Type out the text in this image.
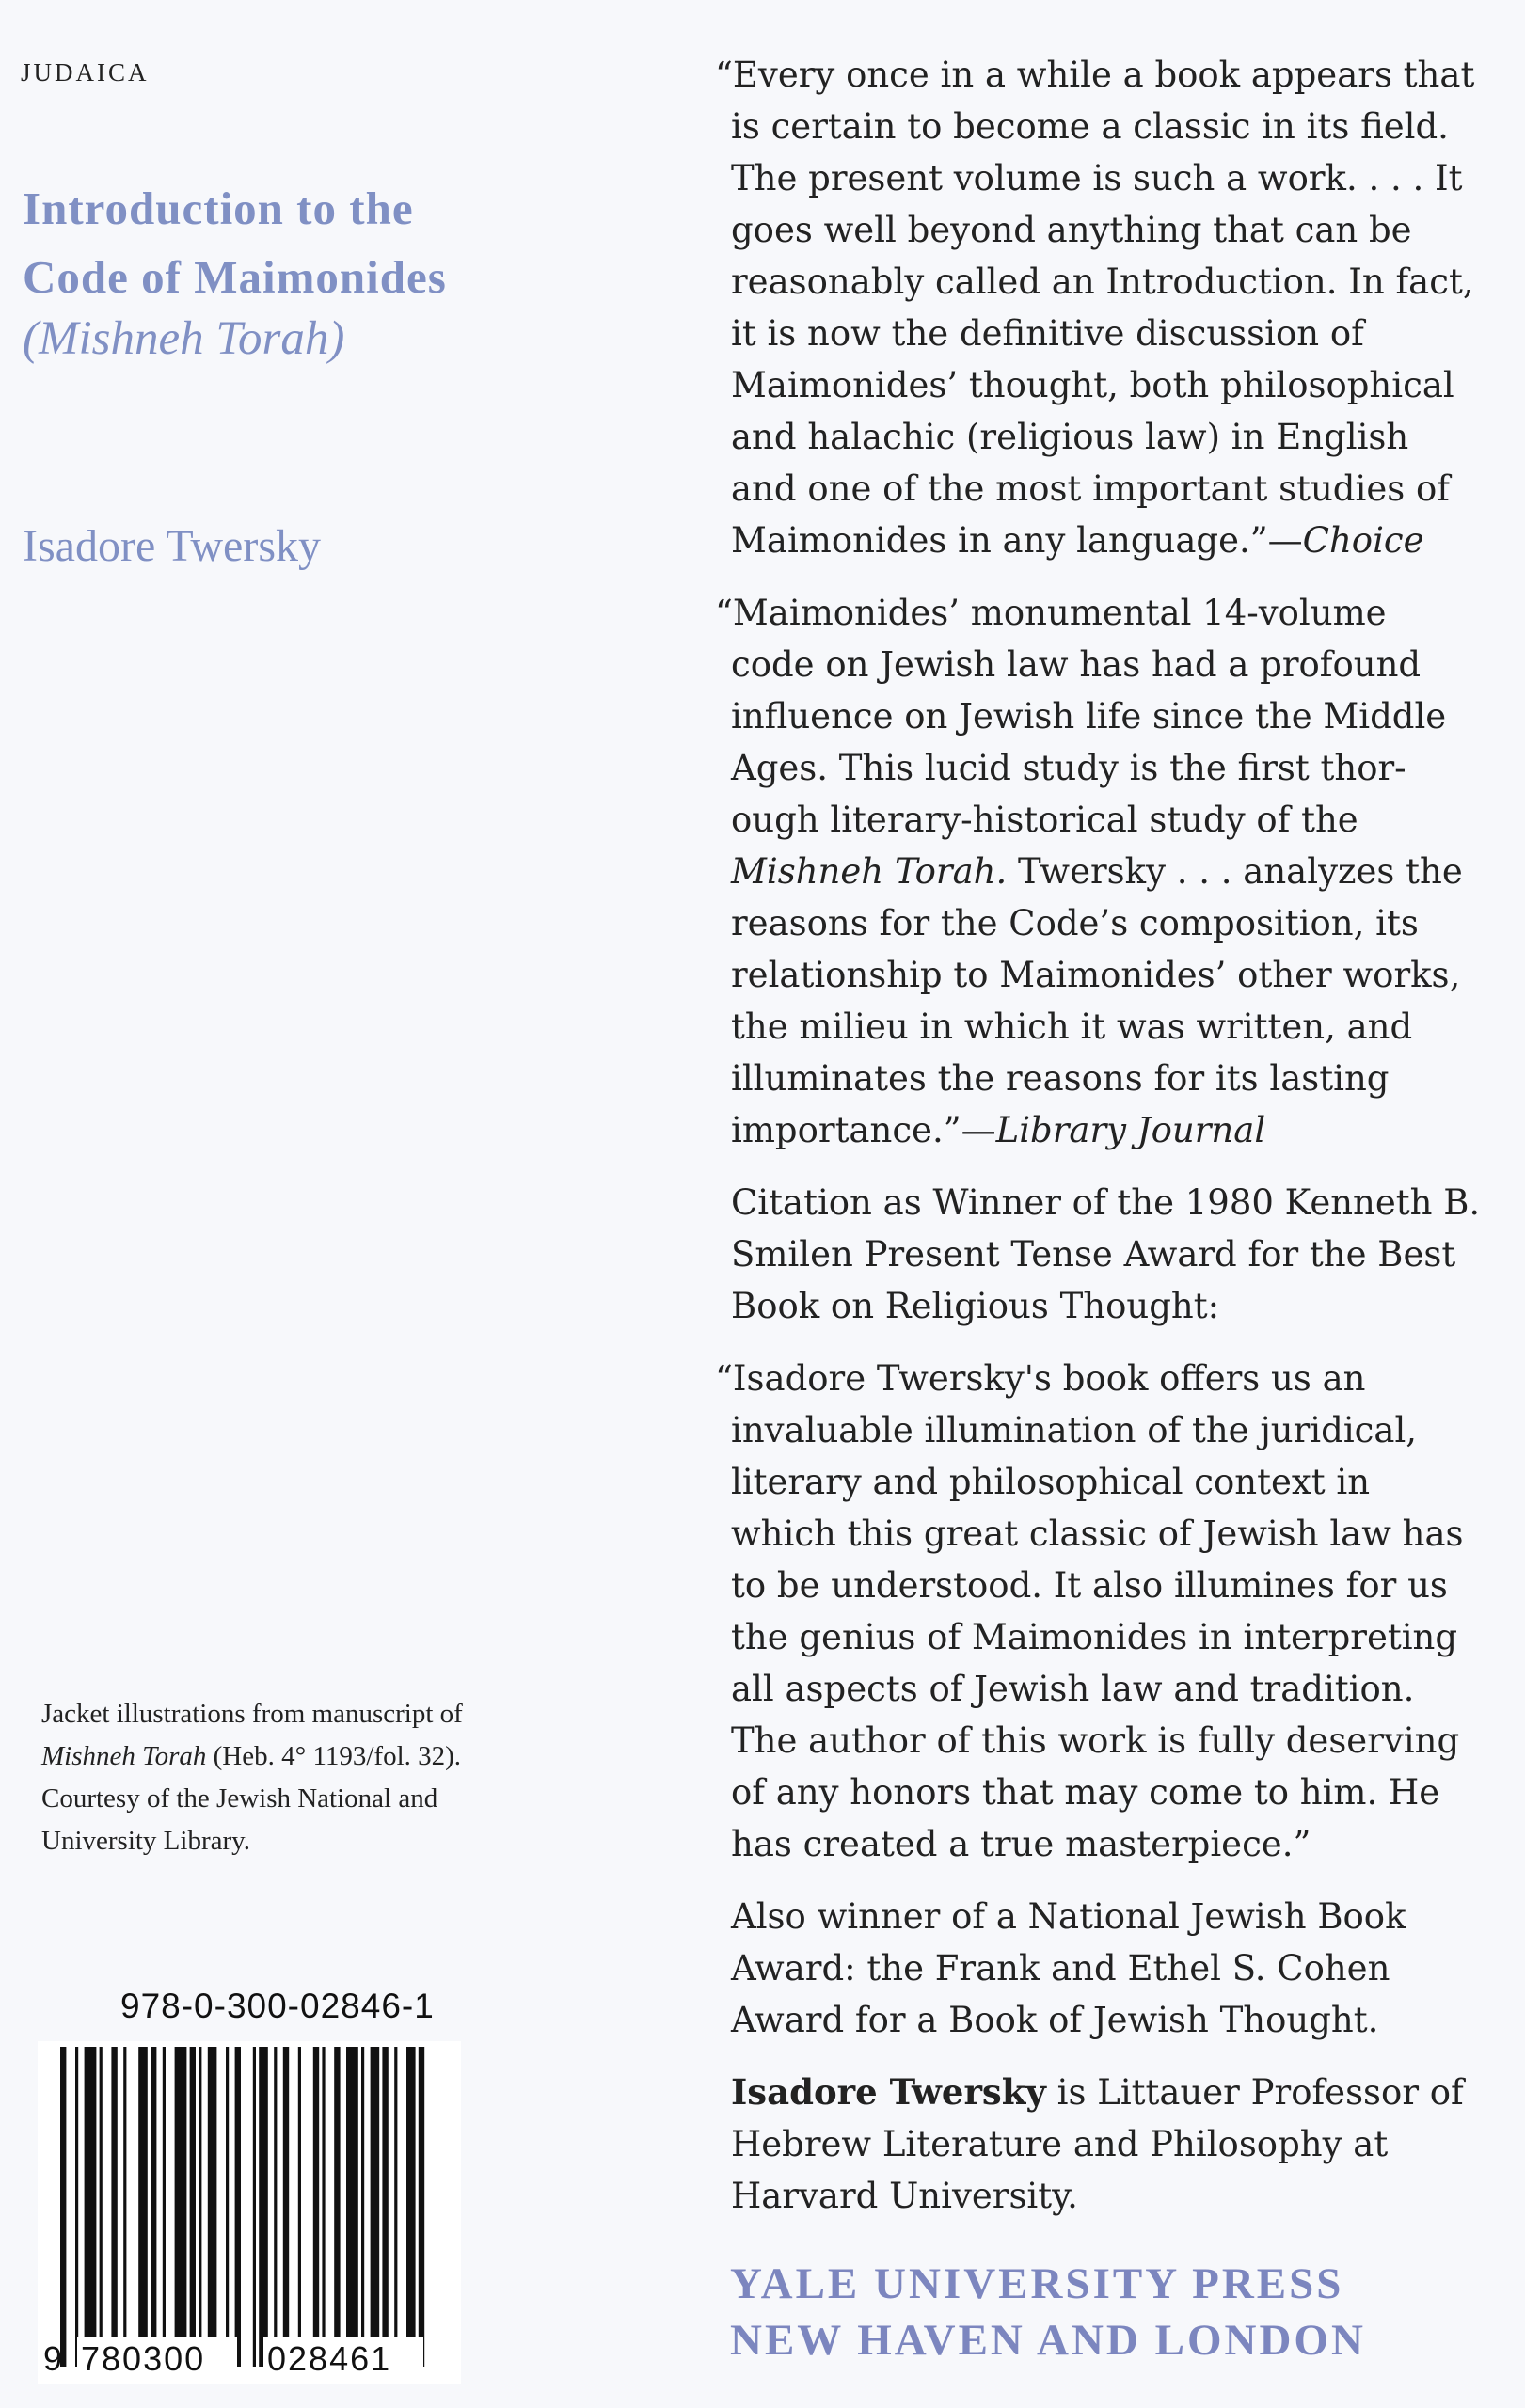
JUDAICA
Introduction to the
Code of Maimonides
(Mishneh Torah)
Isadore Twersky
Jacket illustrations from manuscript of
Mishneh Torah (Heb. 4° 1193/fol. 32).
Courtesy of the Jewish National and
University Library.
978-0-300-02846-1
9 780300 028461
“Every once in a while a book appears that
is certain to become a classic in its field.
The present volume is such a work. . . . It
goes well beyond anything that can be
reasonably called an Introduction. In fact,
it is now the definitive discussion of
Maimonides’ thought, both philosophical
and halachic (religious law) in English
and one of the most important studies of
Maimonides in any language.”—Choice
“Maimonides’ monumental 14-volume
code on Jewish law has had a profound
influence on Jewish life since the Middle
Ages. This lucid study is the first thor-
ough literary-historical study of the
Mishneh Torah. Twersky . . . analyzes the
reasons for the Code’s composition, its
relationship to Maimonides’ other works,
the milieu in which it was written, and
illuminates the reasons for its lasting
importance.”—Library Journal
Citation as Winner of the 1980 Kenneth B.
Smilen Present Tense Award for the Best
Book on Religious Thought:
“Isadore Twersky's book offers us an
invaluable illumination of the juridical,
literary and philosophical context in
which this great classic of Jewish law has
to be understood. It also illumines for us
the genius of Maimonides in interpreting
all aspects of Jewish law and tradition.
The author of this work is fully deserving
of any honors that may come to him. He
has created a true masterpiece.”
Also winner of a National Jewish Book
Award: the Frank and Ethel S. Cohen
Award for a Book of Jewish Thought.
Isadore Twersky is Littauer Professor of
Hebrew Literature and Philosophy at
Harvard University.
YALE UNIVERSITY PRESS
NEW HAVEN AND LONDON
